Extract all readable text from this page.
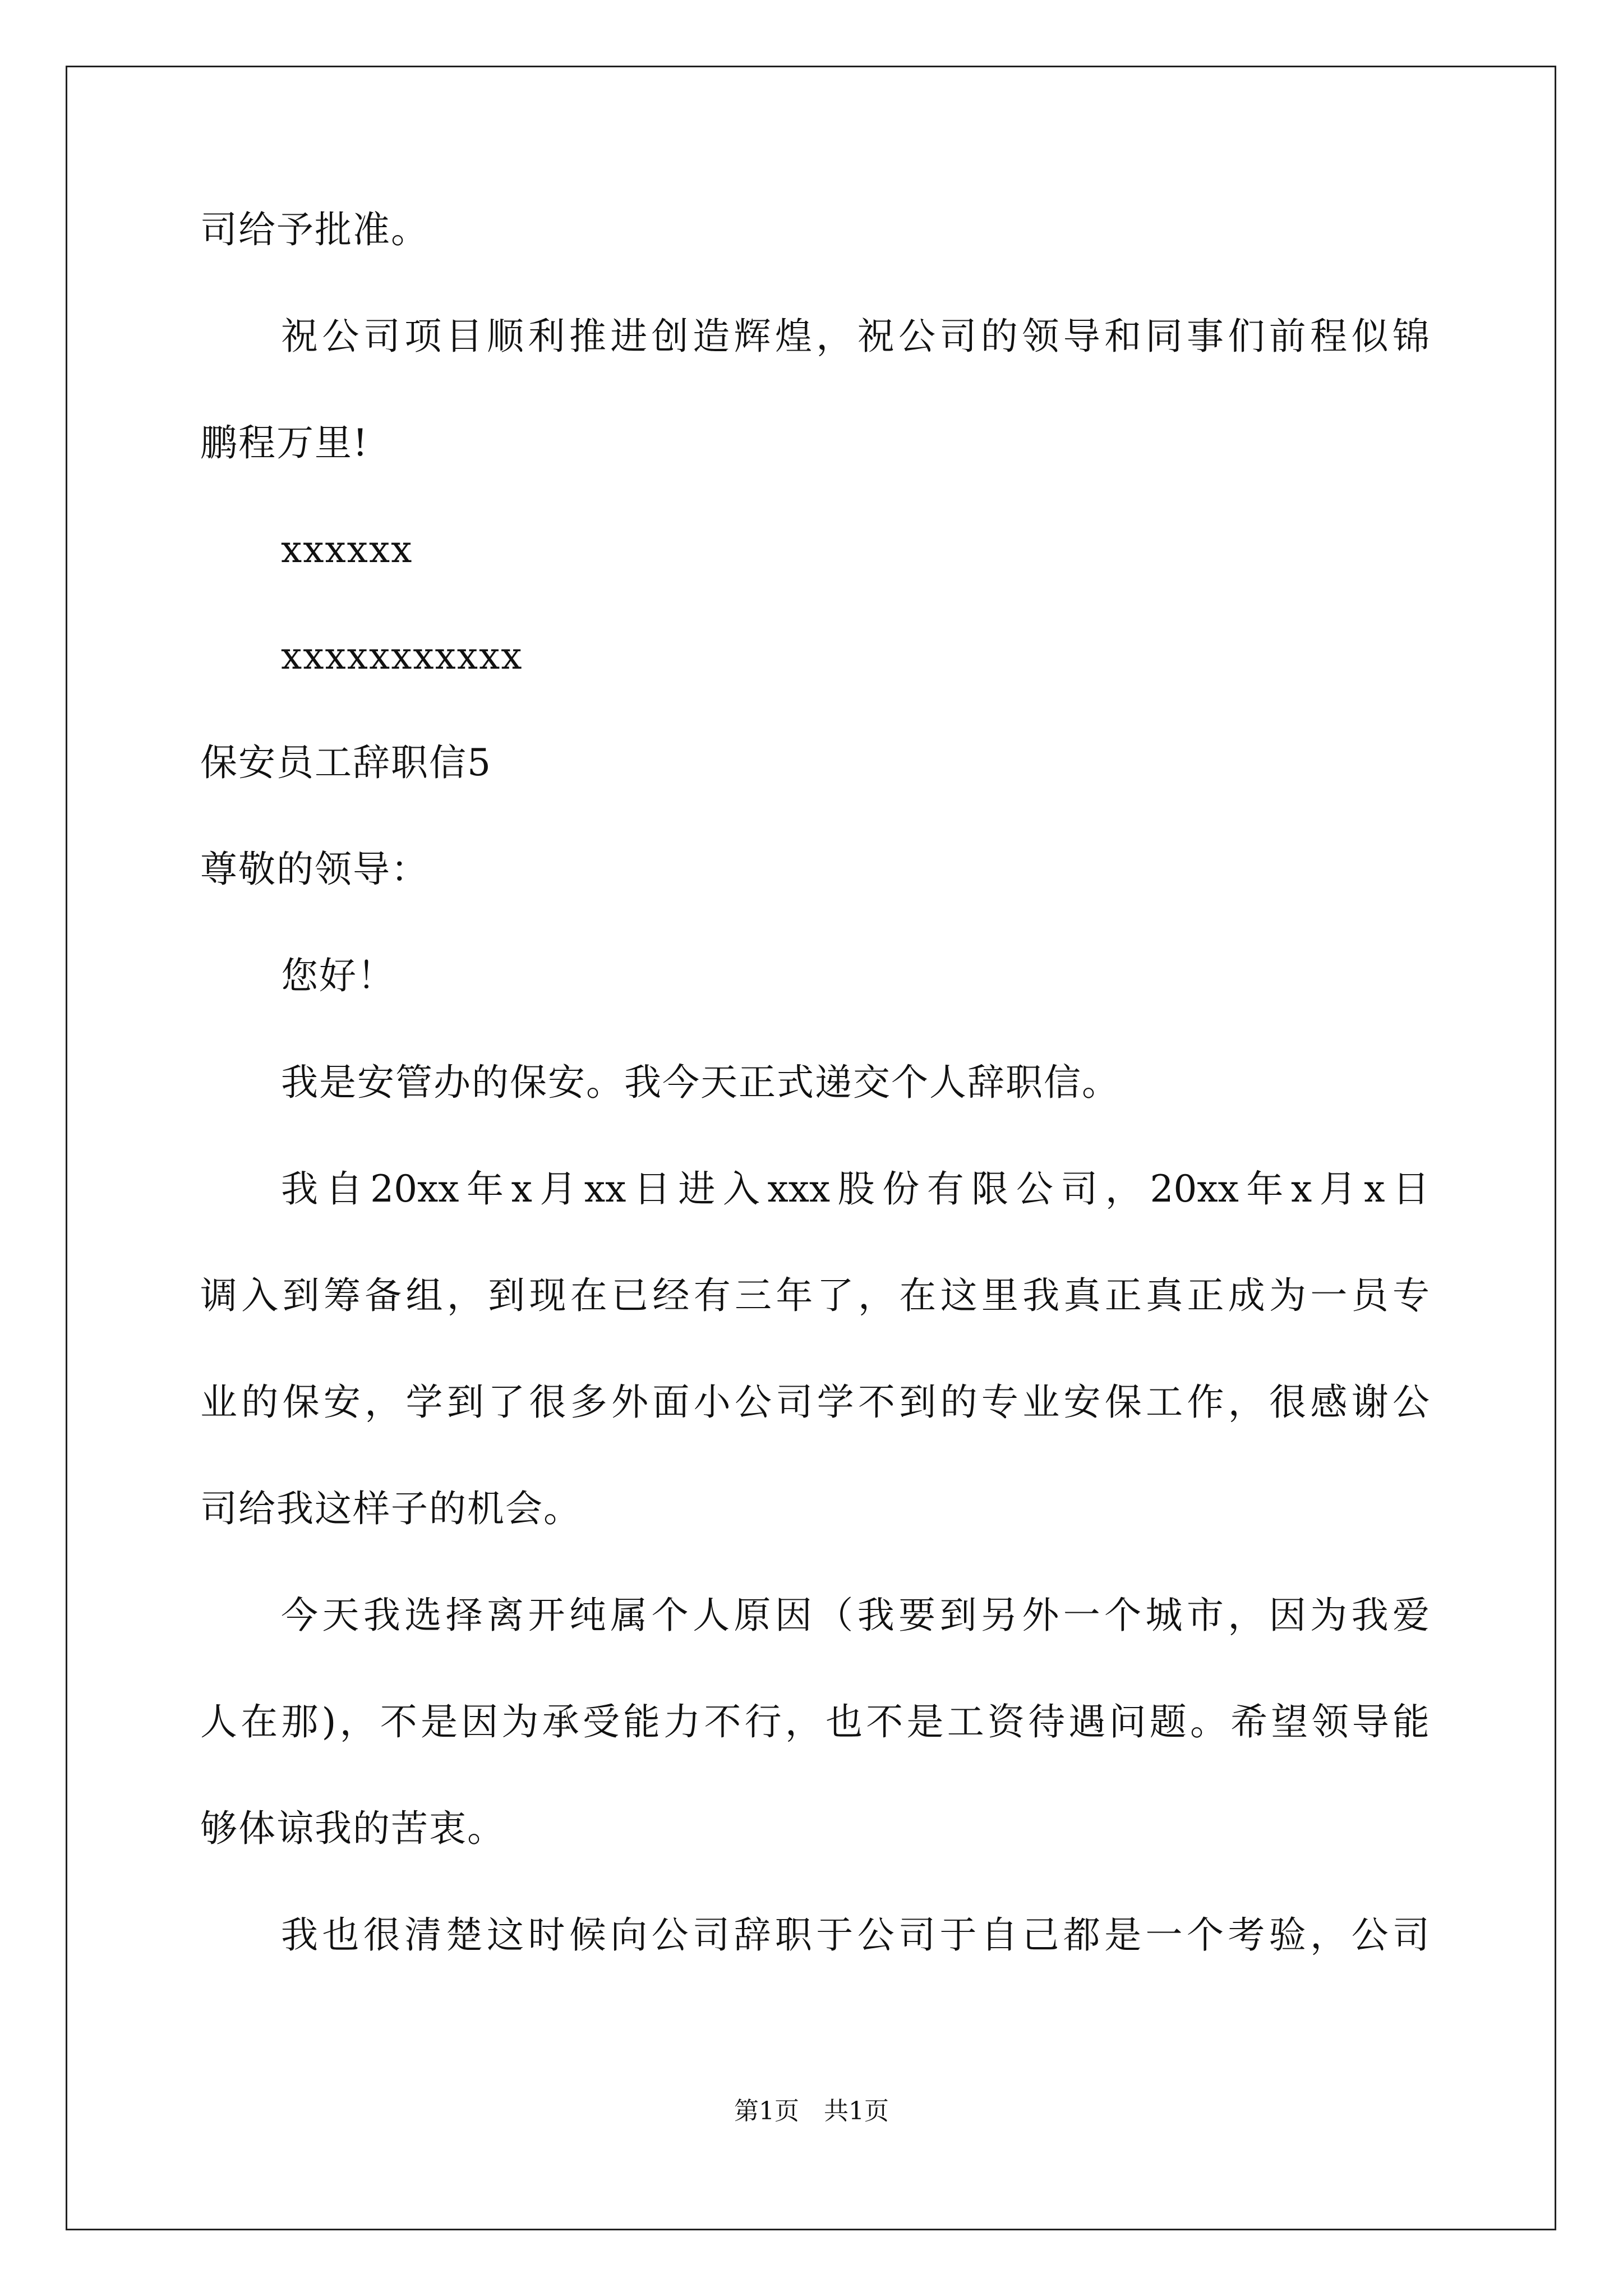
司给予批准。
祝公司项目顺利推进创造辉煌，祝公司的领导和同事们前程似锦
鹏程万里!
xxxxxx
xxxxxxxxxxx
保安员工辞职信5
尊敬的领导：
您好！
我是安管办的保安。我今天正式递交个人辞职信。
我自20xx年x月xx日进入xxx股份有限公司，20xx年x月x日
调入到筹备组，到现在已经有三年了，在这里我真正真正成为一员专
业的保安，学到了很多外面小公司学不到的专业安保工作，很感谢公
司给我这样子的机会。
今天我选择离开纯属个人原因（我要到另外一个城市，因为我爱
人在那)，不是因为承受能力不行，也不是工资待遇问题。希望领导能
够体谅我的苦衷。
我也很清楚这时候向公司辞职于公司于自己都是一个考验，公司
第1页　共1页
